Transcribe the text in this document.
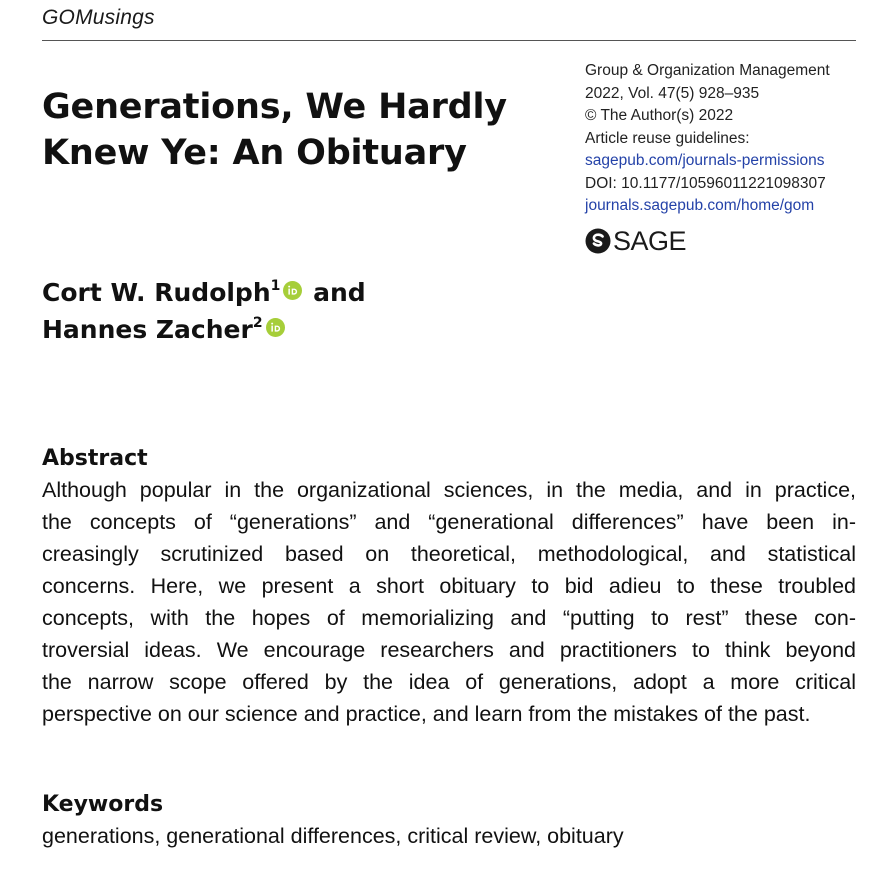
GOMusings
Generations, We Hardly
Knew Ye: An Obituary
Group & Organization Management
2022, Vol. 47(5) 928–935
© The Author(s) 2022
Article reuse guidelines:
sagepub.com/journals-permissions
DOI: 10.1177/10596011221098307
journals.sagepub.com/home/gom
SAGE
Cort W. Rudolph$^1$
and
Hannes Zacher$^2$
Abstract
Although popular in the organizational sciences, in the media, and in practice,
the concepts of “generations” and “generational differences” have been in-
creasingly scrutinized based on theoretical, methodological, and statistical
concerns. Here, we present a short obituary to bid adieu to these troubled
concepts, with the hopes of memorializing and “putting to rest” these con-
troversial ideas. We encourage researchers and practitioners to think beyond
the narrow scope offered by the idea of generations, adopt a more critical
perspective on our science and practice, and learn from the mistakes of the past.
Keywords
generations, generational differences, critical review, obituary
